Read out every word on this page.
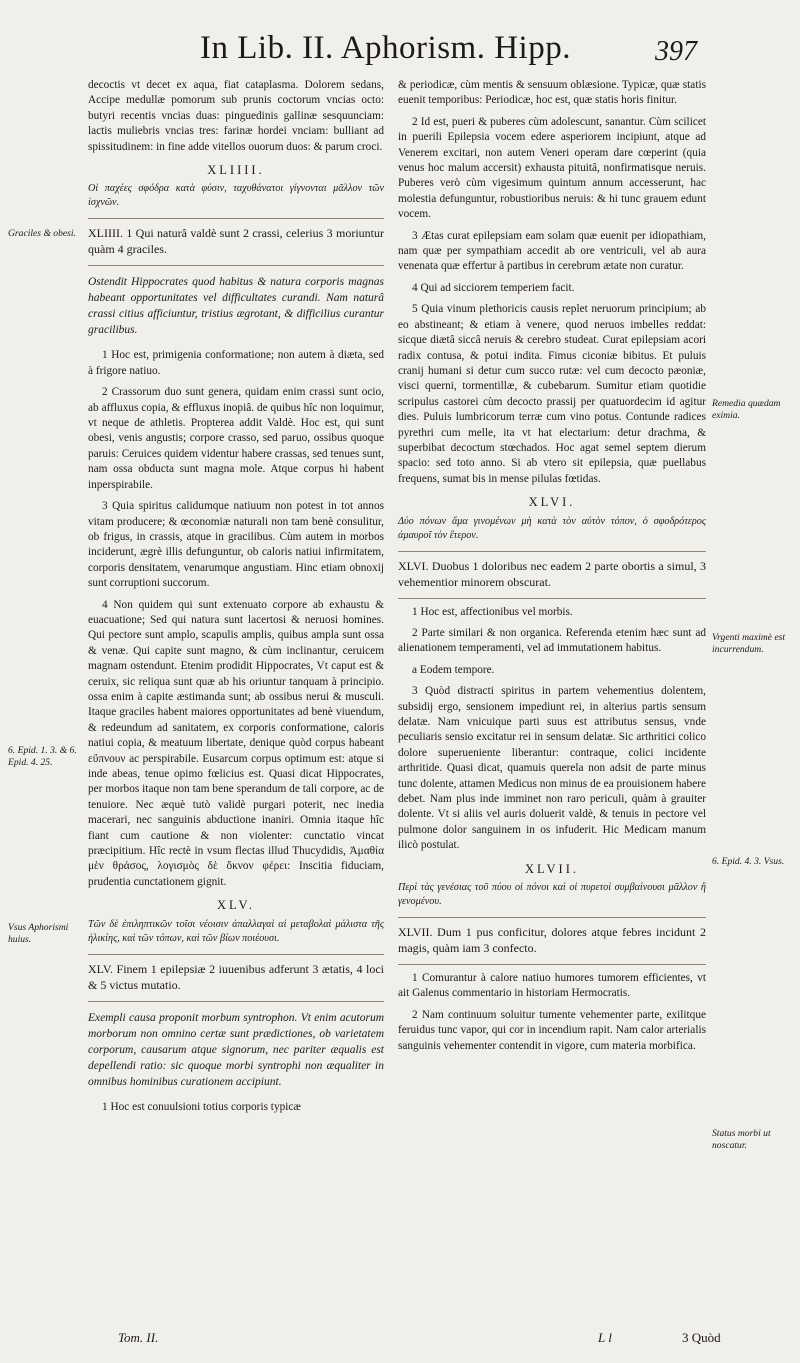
In Lib. II. Aphorism. Hipp.	397

decoctis vt decet ex aqua, fiat cataplasma. Dolorem sedans, Accipe medullæ pomorum sub prunis coctorum vncias octo: butyri recentis vncias duas: pinguedinis gallinæ sesquunciam: lactis muliebris vncias tres: farinæ hordei vnciam: bulliant ad spissitudinem: in fine adde vitellos ouorum duos: & parum croci.

XLIIII.

Οἱ παχέες σφόδρα κατὰ φύσιν, ταχυθάνατοι γίγνονται μᾶλλον τῶν ἰσχνῶν.

XLIIII. 1 Qui naturâ valdè sunt 2 crassi, celerius 3 moriuntur quàm 4 graciles.

Ostendit Hippocrates quod habitus & natura corporis magnas habeant opportunitates vel difficultates curandi. Nam naturâ crassi citius afficiuntur, tristius ægrotant, & difficilius curantur gracilibus.

1 Hoc est, primigenia conformatione; non autem à diæta, sed à frigore natiuo.

2 Crassorum duo sunt genera, quidam enim crassi sunt ocio, ab affluxus copia, & effluxus inopiâ. de quibus hîc non loquimur, vt neque de athletis. Propterea addit Valdè. Hoc est, qui sunt obesi, venis angustis; corpore crasso, sed paruo, ossibus quoque paruis: Ceruices quidem videntur habere crassas, sed tenues sunt, nam ossa obducta sunt magna mole. Atque corpus hi habent inperspirabile.

3 Quia spiritus calidumque natiuum non potest in tot annos vitam producere; & œconomiæ naturali non tam benè consulitur, ob frigus, in crassis, atque in gracilibus. Cùm autem in morbos inciderunt, ægrè illis defunguntur, ob caloris natiui infirmitatem, corporis densitatem, venarumque angustiam. Hinc etiam obnoxij sunt corruptioni succorum.

4 Non quidem qui sunt extenuato corpore ab exhaustu & euacuatione; Sed qui natura sunt lacertosi & neruosi homines. Qui pectore sunt amplo, scapulis amplis, quibus ampla sunt ossa & venæ. Qui capite sunt magno, & cùm inclinantur, ceruicem magnam ostendunt. Etenim prodidit Hippocrates, Vt caput est & ceruix, sic reliqua sunt quæ ab his oriuntur tanquam à principio. ossa enim à capite æstimanda sunt; ab ossibus nerui & musculi. Itaque graciles habent maiores opportunitates ad benè viuendum, & redeundum ad sanitatem, ex corporis conformatione, caloris natiui copia, & meatuum libertate, denique quòd corpus habeant εὔπνουν ac perspirabile. Eusarcum corpus optimum est: atque si inde abeas, tenue opimo fœlicius est. Quasi dicat Hippocrates, per morbos itaque non tam bene sperandum de tali corpore, ac de tenuiore. Nec æquè tutò validè purgari poterit, nec inedia macerari, nec sanguinis abductione inaniri. Omnia itaque hîc fiant cum cautione & non violenter: cunctatio vincat præcipitium. Hîc rectè in vsum flectas illud Thucydidis, Ἀμαθία μὲν θράσος, λογισμὸς δὲ ὄκνον φέρει: Inscitia fiduciam, prudentia cunctationem gignit.

XLV.

Τῶν δὲ ἐπιληπτικῶν τοῖσι νέοισιν ἀπαλλαγαὶ αἱ μεταβολαὶ μάλιστα τῆς ἡλικίης, καὶ τῶν τόπων, καὶ τῶν βίων ποιέουσι.

XLV. Finem 1 epilepsiæ 2 iuuenibus adferunt 3 ætatis, 4 loci & 5 victus mutatio.

Exempli causa proponit morbum syntrophon. Vt enim acutorum morborum non omnino certæ sunt prædictiones, ob varietatem corporum, causarum atque signorum, nec pariter æqualis est depellendi ratio: sic quoque morbi syntrophi non æqualiter in omnibus hominibus curationem accipiunt.

1 Hoc est conuulsioni totius corporis typicæ

& periodicæ, cùm mentis & sensuum oblæsione. Typicæ, quæ statis euenit temporibus: Periodicæ, hoc est, quæ statis horis finitur.

2 Id est, pueri & puberes cùm adolescunt, sanantur. Cùm scilicet in puerili Epilepsia vocem edere asperiorem incipiunt, atque ad Venerem excitari, non autem Veneri operam dare cœperint (quia venus hoc malum accersit) exhausta pituitâ, nonfirmatisque neruis. Puberes verò cùm vigesimum quintum annum accesserunt, hac molestia defunguntur, robustioribus neruis: & hi tunc grauem edunt vocem.

3 Ætas curat epilepsiam eam solam quæ euenit per idiopathiam, nam quæ per sympathiam accedit ab ore ventriculi, vel ab aura venenata quæ effertur à partibus in cerebrum ætate non curatur.

4 Qui ad sicciorem temperiem facit.

5 Quia vinum plethoricis causis replet neruorum principium; ab eo abstineant; & etiam à venere, quod neruos imbelles reddat: sicque diætâ siccâ neruis & cerebro studeat. Curat epilepsiam acori radix contusa, & potui indita. Fimus ciconiæ bibitus. Et puluis cranij humani si detur cum succo rutæ: vel cum decocto pæoniæ, visci querni, tormentillæ, & cubebarum. Sumitur etiam quotidie scripulus castorei cùm decocto prassij per quatuordecim id agitur dies. Puluis lumbricorum terræ cum vino potus. Contunde radices pyrethri cum melle, ita vt hat electarium: detur drachma, & superbibat decoctum stœchados. Hoc agat semel septem dierum spacio: sed toto anno. Si ab vtero sit epilepsia, quæ puellabus frequens, sumat bis in mense pilulas fœtidas.

XLVI.

Δύο πόνων ἅμα γινομένων μὴ κατὰ τὸν αὐτὸν τόπον, ὁ σφοδρότερος ἀμαυροῖ τὸν ἕτερον.

XLVI. Duobus 1 doloribus nec eadem 2 parte obortis a simul, 3 vehementior minorem obscurat.

1 Hoc est, affectionibus vel morbis.

2 Parte similari & non organica. Referenda etenim hæc sunt ad alienationem temperamenti, vel ad immutationem habitus.

a Eodem tempore.

3 Quòd distracti spiritus in partem vehementius dolentem, subsidij ergo, sensionem impediunt rei, in alterius partis sensum delatæ. Nam vnicuique parti suus est attributus sensus, vnde peculiaris sensio excitatur rei in sensum delatæ. Sic arthritici colico dolore superueniente liberantur: contraque, colici incidente arthritide. Quasi dicat, quamuis querela non adsit de parte minus tunc dolente, attamen Medicus non minus de ea prouisionem habere debet. Nam plus inde imminet non raro periculi, quàm à grauiter dolente. Vt si aliis vel auris doluerit valdè, & tenuis in pectore vel pulmone dolor sanguinem in os infuderit. Hic Medicam manum ilicò postulat.

XLVII.

Περὶ τὰς γενέσιας τοῦ πύου οἱ πόνοι καὶ οἱ πυρετοὶ συμβαίνουσι μᾶλλον ἢ γενομένου.

XLVII. Dum 1 pus conficitur, dolores atque febres incidunt 2 magis, quàm iam 3 confecto.

1 Comurantur à calore natiuo humores tumorem efficientes, vt ait Galenus commentario in historiam Hermocratis.

2 Nam continuum soluitur tumente vehementer parte, exilitque feruidus tunc vapor, qui cor in incendium rapit. Nam calor arterialis sanguinis vehementer contendit in vigore, cum materia morbifica.

Graciles & obesi.
6. Epid. 1. 3. & 6. Epid. 4. 25.
Vsus Aphorismi huius.
Remedia quædam eximia.
Vrgenti maximè est incurrendum.
6. Epid. 4. 3. Vsus.
Status morbi ut noscatur.
Tom. II.	L l	3 Quòd
